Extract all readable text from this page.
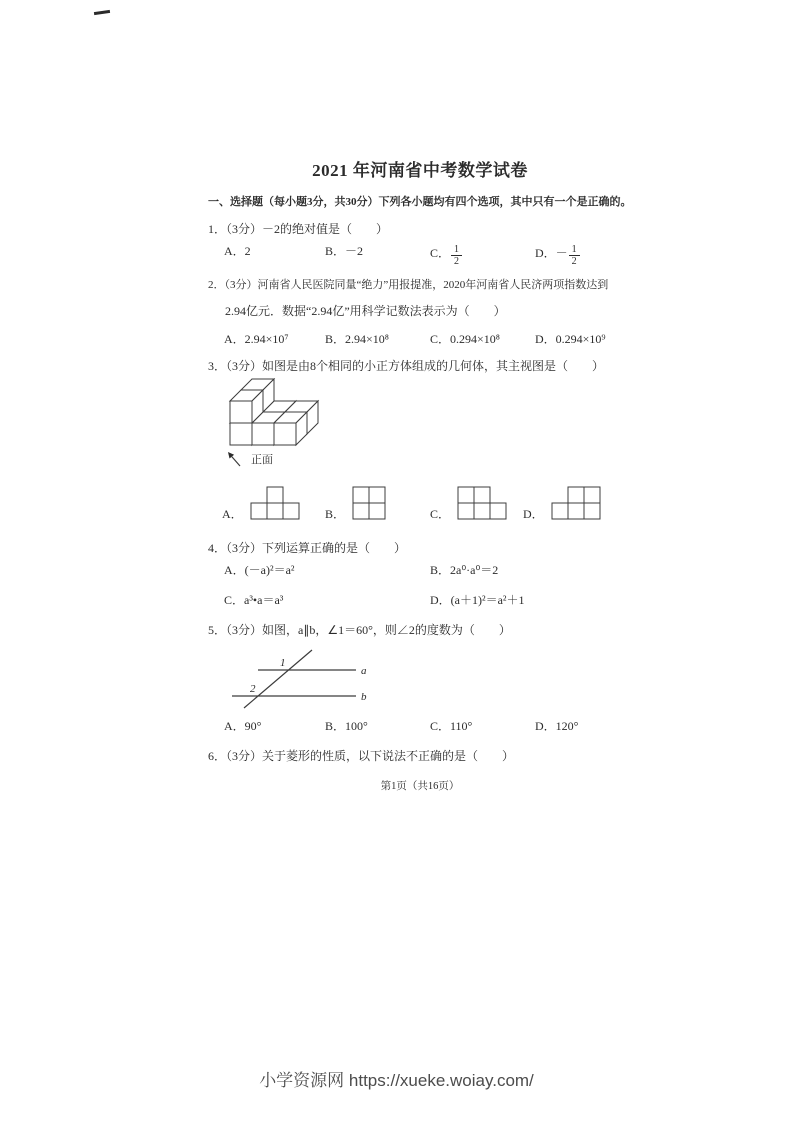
2021 年河南省中考数学试卷
一、选择题（每小题3分，共30分）下列各小题均有四个选项，其中只有一个是正确的。
1．（3分）－2的绝对值是（　　）
A．2	B．－2	C． $\frac{1}{2}$	D．－ $\frac{1}{2}$
2．（3分）河南省人民医院同量“绝力”用报提准，2020年河南省人民济两项指数达到
2.94亿元．数据“2.94亿”用科学记数法表示为（　　）
A．2.94×10⁷	B．2.94×10⁸	C．0.294×10⁸	D．0.294×10⁹
3．（3分）如图是由8个相同的小正方体组成的几何体，其主视图是（　　）
正面
A．	B．	C．	D．
4．（3分）下列运算正确的是（　　）
A．(－a)²＝a²	B．2a⁰·a⁰＝2
C．a³•a＝a³	D．(a＋1)²＝a²＋1
5．（3分）如图，a∥b，∠1＝60°，则∠2的度数为（　　）
a
b
1
2
A．90°	B．100°	C．110°	D．120°
6．（3分）关于菱形的性质，以下说法不正确的是（　　）
第1页（共16页）
小学资源网 https://xueke.woiay.com/
